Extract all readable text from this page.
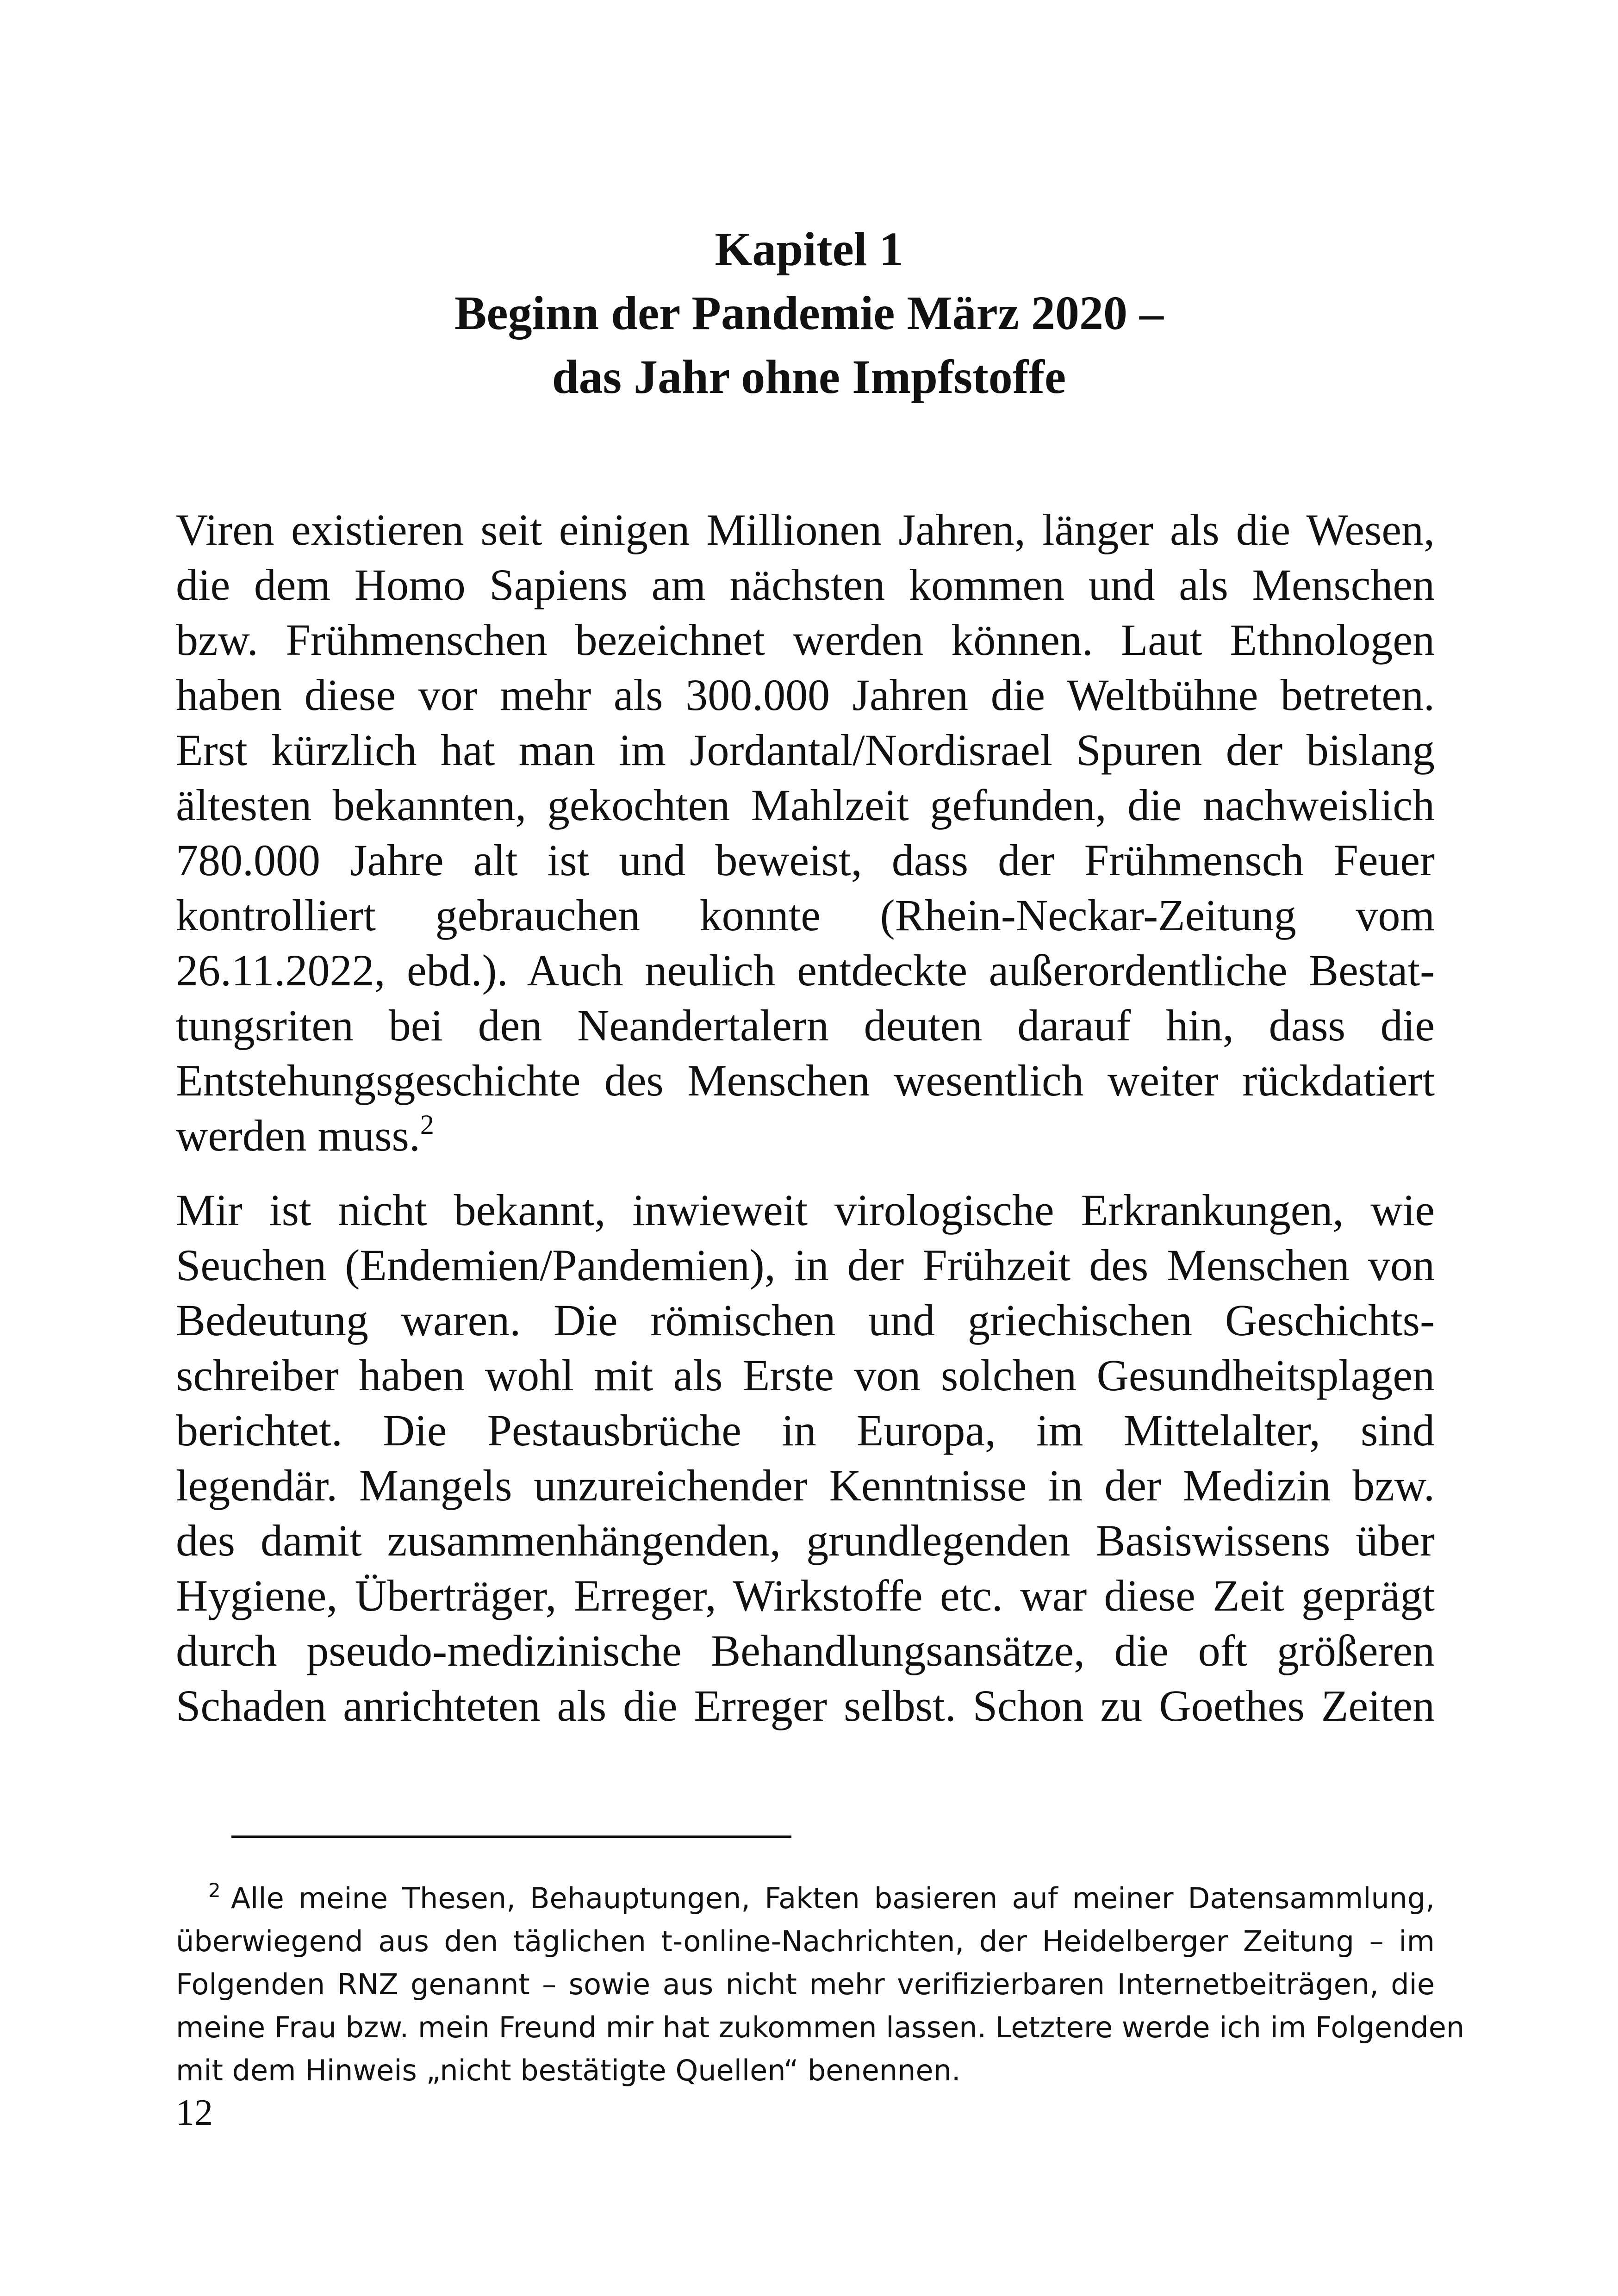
Kapitel 1
Beginn der Pandemie März 2020 –
das Jahr ohne Impfstoffe

Viren existieren seit einigen Millionen Jahren, länger als die Wesen,
die dem Homo Sapiens am nächsten kommen und als Menschen
bzw. Frühmenschen bezeichnet werden können. Laut Ethnologen
haben diese vor mehr als 300.000 Jahren die Weltbühne betreten.
Erst kürzlich hat man im Jordantal/Nordisrael Spuren der bislang
ältesten bekannten, gekochten Mahlzeit gefunden, die nachweislich
780.000 Jahre alt ist und beweist, dass der Frühmensch Feuer
kontrolliert gebrauchen konnte (Rhein-Neckar-Zeitung vom
26.11.2022, ebd.). Auch neulich entdeckte außerordentliche Bestat-
tungsriten bei den Neandertalern deuten darauf hin, dass die
Entstehungsgeschichte des Menschen wesentlich weiter rückdatiert
werden muss.$^2$

Mir ist nicht bekannt, inwieweit virologische Erkrankungen, wie
Seuchen (Endemien/Pandemien), in der Frühzeit des Menschen von
Bedeutung waren. Die römischen und griechischen Geschichts-
schreiber haben wohl mit als Erste von solchen Gesundheitsplagen
berichtet. Die Pestausbrüche in Europa, im Mittelalter, sind
legendär. Mangels unzureichender Kenntnisse in der Medizin bzw.
des damit zusammenhängenden, grundlegenden Basiswissens über
Hygiene, Überträger, Erreger, Wirkstoffe etc. war diese Zeit geprägt
durch pseudo-medizinische Behandlungsansätze, die oft größeren
Schaden anrichteten als die Erreger selbst. Schon zu Goethes Zeiten

$^2$ Alle meine Thesen, Behauptungen, Fakten basieren auf meiner Datensammlung,
überwiegend aus den täglichen t-online-Nachrichten, der Heidelberger Zeitung – im
Folgenden RNZ genannt – sowie aus nicht mehr verifizierbaren Internetbeiträgen, die
meine Frau bzw. mein Freund mir hat zukommen lassen. Letztere werde ich im Folgenden
mit dem Hinweis „nicht bestätigte Quellen“ benennen.
12
